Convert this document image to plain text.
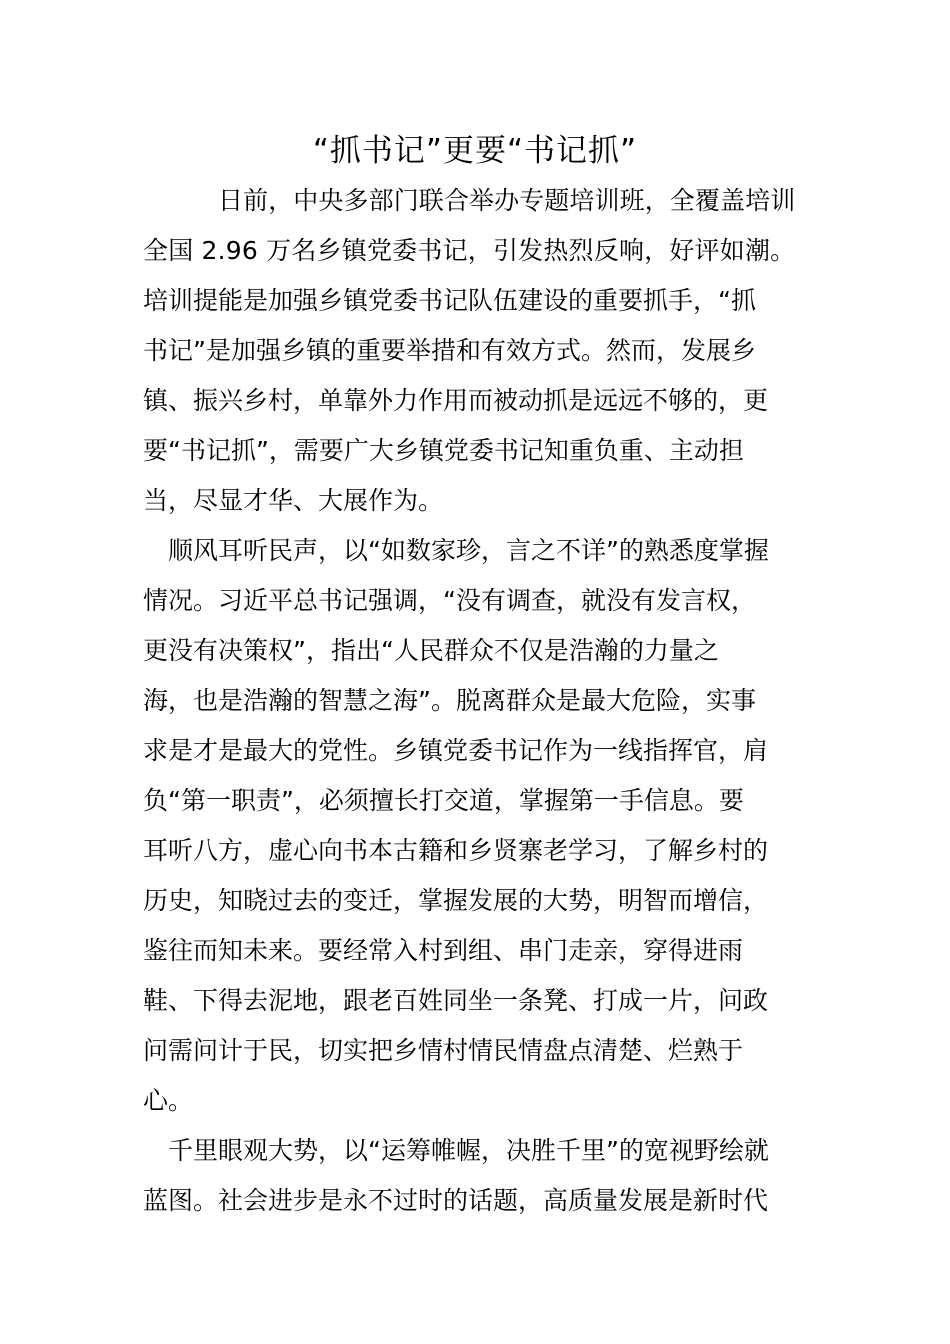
“抓书记”更要“书记抓”

日前，中央多部门联合举办专题培训班，全覆盖培训

全国 2.96 万名乡镇党委书记，引发热烈反响，好评如潮。

培训提能是加强乡镇党委书记队伍建设的重要抓手，“抓

书记”是加强乡镇的重要举措和有效方式。然而，发展乡

镇、振兴乡村，单靠外力作用而被动抓是远远不够的，更

要“书记抓”，需要广大乡镇党委书记知重负重、主动担

当，尽显才华、大展作为。

顺风耳听民声，以“如数家珍，言之不详”的熟悉度掌握

情况。习近平总书记强调，“没有调查，就没有发言权，

更没有决策权”，指出“人民群众不仅是浩瀚的力量之

海，也是浩瀚的智慧之海”。脱离群众是最大危险，实事

求是才是最大的党性。乡镇党委书记作为一线指挥官，肩

负“第一职责”，必须擅长打交道，掌握第一手信息。要

耳听八方，虚心向书本古籍和乡贤寨老学习，了解乡村的

历史，知晓过去的变迁，掌握发展的大势，明智而增信，

鉴往而知未来。要经常入村到组、串门走亲，穿得进雨

鞋、下得去泥地，跟老百姓同坐一条凳、打成一片，问政

问需问计于民，切实把乡情村情民情盘点清楚、烂熟于

心。

千里眼观大势，以“运筹帷幄，决胜千里”的宽视野绘就

蓝图。社会进步是永不过时的话题，高质量发展是新时代
